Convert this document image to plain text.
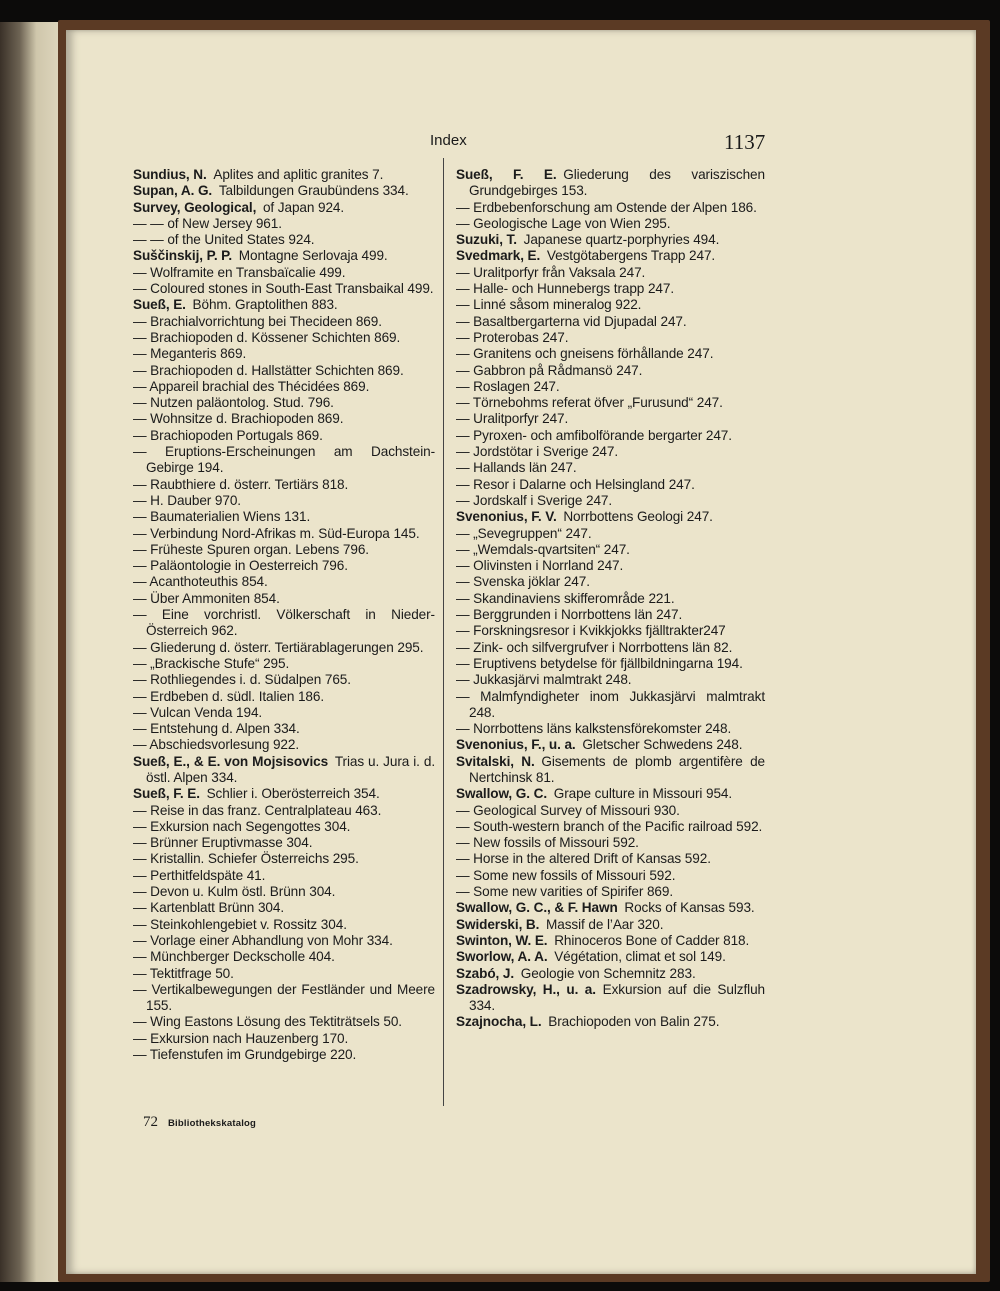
Index	1137

Sundius, N.  Aplites and aplitic granites 7.

Supan, A. G.  Talbildungen Graubündens 334.

Survey, Geological,  of Japan 924.

— — of New Jersey 961.

— — of the United States 924.

Suščinskij, P. P.  Montagne Serlovaja 499.

— Wolframite en Transbaïcalie 499.

— Coloured stones in South-East Transbaikal 499.

Sueß, E.  Böhm. Graptolithen 883.

— Brachialvorrichtung bei Thecideen 869.

— Brachiopoden d. Kössener Schichten 869.

— Meganteris 869.

— Brachiopoden d. Hallstätter Schichten 869.

— Appareil brachial des Thécidées 869.

— Nutzen paläontolog. Stud. 796.

— Wohnsitze d. Brachiopoden 869.

— Brachiopoden Portugals 869.

— Eruptions-Erscheinungen am Dachstein-Gebirge 194.

— Raubthiere d. österr. Tertiärs 818.

— H. Dauber 970.

— Baumaterialien Wiens 131.

— Verbindung Nord-Afrikas m. Süd-Europa 145.

— Früheste Spuren organ. Lebens 796.

— Paläontologie in Oesterreich 796.

— Acanthoteuthis 854.

— Über Ammoniten 854.

— Eine vorchristl. Völkerschaft in Nieder-Österreich 962.

— Gliederung d. österr. Tertiärablagerungen 295.

— „Brackische Stufe“ 295.

— Rothliegendes i. d. Südalpen 765.

— Erdbeben d. südl. Italien 186.

— Vulcan Venda 194.

— Entstehung d. Alpen 334.

— Abschiedsvorlesung 922.

Sueß, E., & E. von Mojsisovics  Trias u. Jura i. d. östl. Alpen 334.

Sueß, F. E.  Schlier i. Oberösterreich 354.

— Reise in das franz. Centralplateau 463.

— Exkursion nach Segengottes 304.

— Brünner Eruptivmasse 304.

— Kristallin. Schiefer Österreichs 295.

— Perthitfeldspäte 41.

— Devon u. Kulm östl. Brünn 304.

— Kartenblatt Brünn 304.

— Steinkohlengebiet v. Rossitz 304.

— Vorlage einer Abhandlung von Mohr 334.

— Münchberger Deckscholle 404.

— Tektitfrage 50.

— Vertikalbewegungen der Festländer und Meere 155.

— Wing Eastons Lösung des Tektiträtsels 50.

— Exkursion nach Hauzenberg 170.

— Tiefenstufen im Grundgebirge 220.

Sueß, F. E.  Gliederung des variszischen Grundgebirges 153.

— Erdbebenforschung am Ostende der Alpen 186.

— Geologische Lage von Wien 295.

Suzuki, T.  Japanese quartz-porphyries 494.

Svedmark, E.  Vestgötabergens Trapp 247.

— Uralitporfyr från Vaksala 247.

— Halle- och Hunnebergs trapp 247.

— Linné såsom mineralog 922.

— Basaltbergarterna vid Djupadal 247.

— Proterobas 247.

— Granitens och gneisens förhållande 247.

— Gabbron på Rådmansö 247.

— Roslagen 247.

— Törnebohms referat öfver „Furusund“ 247.

— Uralitporfyr 247.

— Pyroxen- och amfibolförande bergarter 247.

— Jordstötar i Sverige 247.

— Hallands län 247.

— Resor i Dalarne och Helsingland 247.

— Jordskalf i Sverige 247.

Svenonius, F. V.  Norrbottens Geologi 247.

— „Sevegruppen“ 247.

— „Wemdals-qvartsiten“ 247.

— Olivinsten i Norrland 247.

— Svenska jöklar 247.

— Skandinaviens skifferområde 221.

— Berggrunden i Norrbottens län 247.

— Forskningsresor i Kvikkjokks fjälltrakter247

— Zink- och silfvergrufver i Norrbottens län 82.

— Eruptivens betydelse för fjällbildningarna 194.

— Jukkasjärvi malmtrakt 248.

— Malmfyndigheter inom Jukkasjärvi malmtrakt 248.

— Norrbottens läns kalkstensförekomster 248.

Svenonius, F., u. a.  Gletscher Schwedens 248.

Svitalski, N.  Gisements de plomb argentifère de Nertchinsk 81.

Swallow, G. C.  Grape culture in Missouri 954.

— Geological Survey of Missouri 930.

— South-western branch of the Pacific railroad 592.

— New fossils of Missouri 592.

— Horse in the altered Drift of Kansas 592.

— Some new fossils of Missouri 592.

— Some new varities of Spirifer 869.

Swallow, G. C., & F. Hawn  Rocks of Kansas 593.

Swiderski, B.  Massif de l’Aar 320.

Swinton, W. E.  Rhinoceros Bone of Cadder 818.

Sworlow, A. A.  Végétation, climat et sol 149.

Szabó, J.  Geologie von Schemnitz 283.

Szadrowsky, H., u. a.  Exkursion auf die Sulzfluh 334.

Szajnocha, L.  Brachiopoden von Balin 275.

72 Bibliothekskatalog
